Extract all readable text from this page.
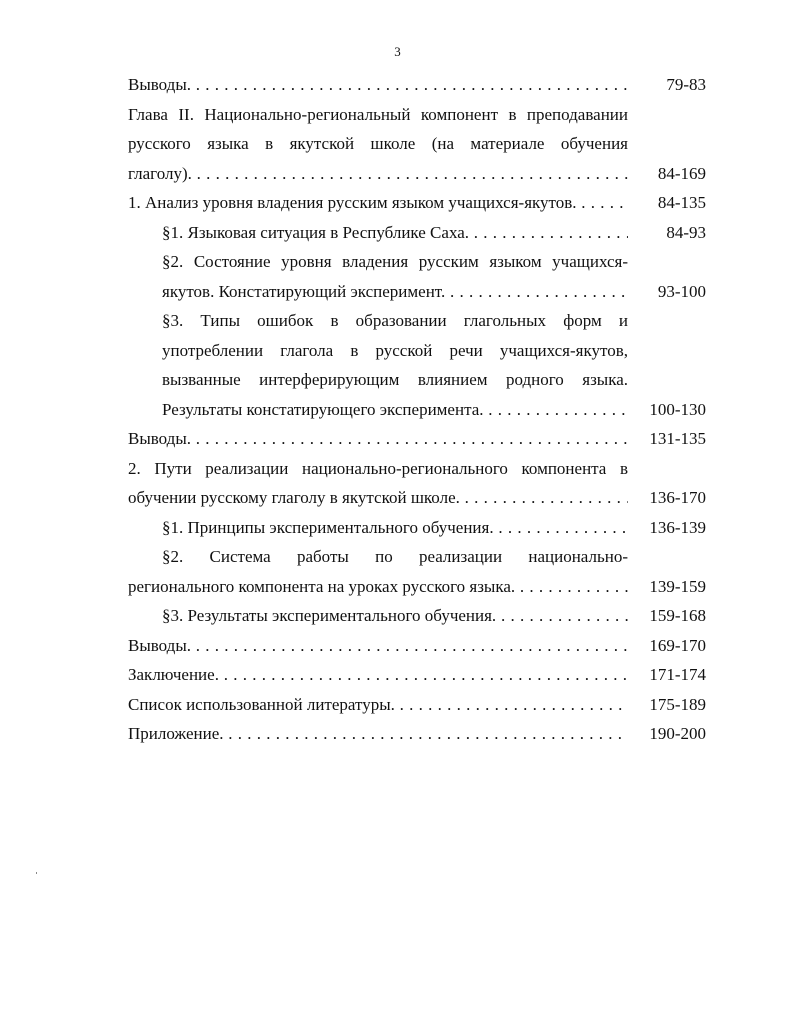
3
Выводы. . . .	79-83
Глава II. Национально-региональный компонент в преподавании
русского языка в якутской школе (на материале обучения
глаголу). . . .	84-169
1. Анализ уровня владения русским языком учащихся-якутов. . . .	84-135
§1. Языковая ситуация в Республике Саха. . . .	84-93
§2. Состояние уровня владения русским языком учащихся-
якутов. Констатирующий эксперимент. . . .	93-100
§3. Типы ошибок в образовании глагольных форм и
употреблении глагола в русской речи учащихся-якутов,
вызванные интерферирующим влиянием родного языка.
Результаты констатирующего эксперимента. . . .	100-130
Выводы. . . .	131-135
2. Пути реализации национально-регионального компонента в
обучении русскому глаголу в якутской школе. . . .	136-170
§1. Принципы экспериментального обучения. . . .	136-139
§2. Система работы по реализации национально-
регионального компонента на уроках русского языка. . . .	139-159
§3. Результаты экспериментального обучения. . . .	159-168
Выводы. . . .	169-170
Заключение. . . .	171-174
Список использованной литературы. . . .	175-189
Приложение. . . .	190-200
